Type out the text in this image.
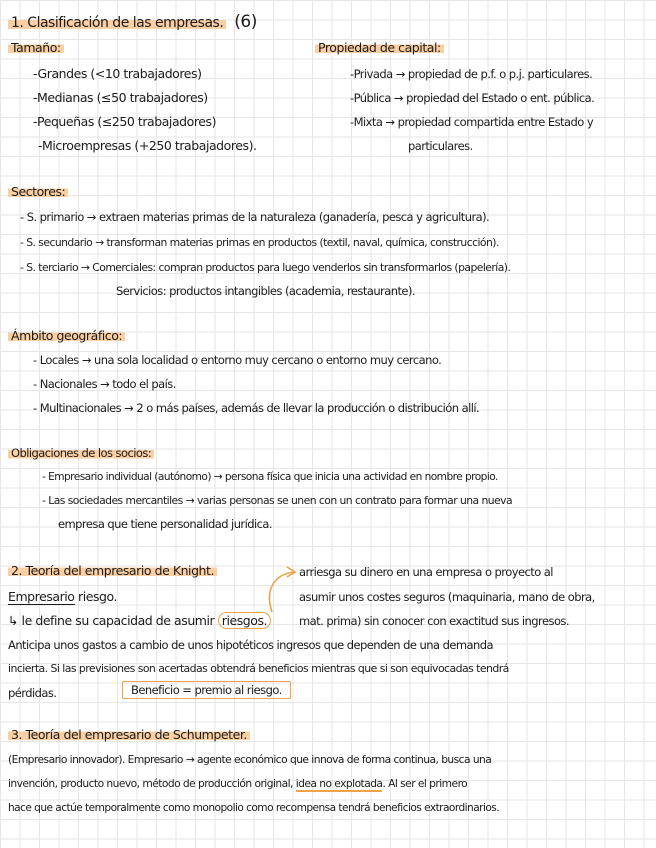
1. Clasificación de las empresas. (6)
Tamaño:
-Grandes (<10 trabajadores)
-Medianas (≤50 trabajadores)
-Pequeñas (≤250 trabajadores)
-Microempresas (+250 trabajadores).
Propiedad de capital:
-Privada → propiedad de p.f. o p.j. particulares.
-Pública → propiedad del Estado o ent. pública.
-Mixta → propiedad compartida entre Estado y
particulares.
Sectores:
- S. primario → extraen materias primas de la naturaleza (ganadería, pesca y agricultura).
- S. secundario → transforman materias primas en productos (textil, naval, química, construcción).
- S. terciario → Comerciales: compran productos para luego venderlos sin transformarlos (papelería).
Servicios: productos intangibles (academia, restaurante).
Ámbito geográfico:
- Locales → una sola localidad o entorno muy cercano o entorno muy cercano.
- Nacionales → todo el país.
- Multinacionales → 2 o más países, además de llevar la producción o distribución allí.
Obligaciones de los socios:
- Empresario individual (autónomo) → persona física que inicia una actividad en nombre propio.
- Las sociedades mercantiles → varias personas se unen con un contrato para formar una nueva
empresa que tiene personalidad jurídica.
2. Teoría del empresario de Knight.
Empresario riesgo.
↳ le define su capacidad de asumir riesgos.
arriesga su dinero en una empresa o proyecto al
asumir unos costes seguros (maquinaria, mano de obra,
mat. prima) sin conocer con exactitud sus ingresos.
Anticipa unos gastos a cambio de unos hipotéticos ingresos que dependen de una demanda
incierta. Si las previsiones son acertadas obtendrá beneficios mientras que si son equivocadas tendrá
pérdidas.	Beneficio = premio al riesgo.
3. Teoría del empresario de Schumpeter.
(Empresario innovador). Empresario → agente económico que innova de forma continua, busca una
invención, producto nuevo, método de producción original, idea no explotada. Al ser el primero
hace que actúe temporalmente como monopolio como recompensa tendrá beneficios extraordinarios.
